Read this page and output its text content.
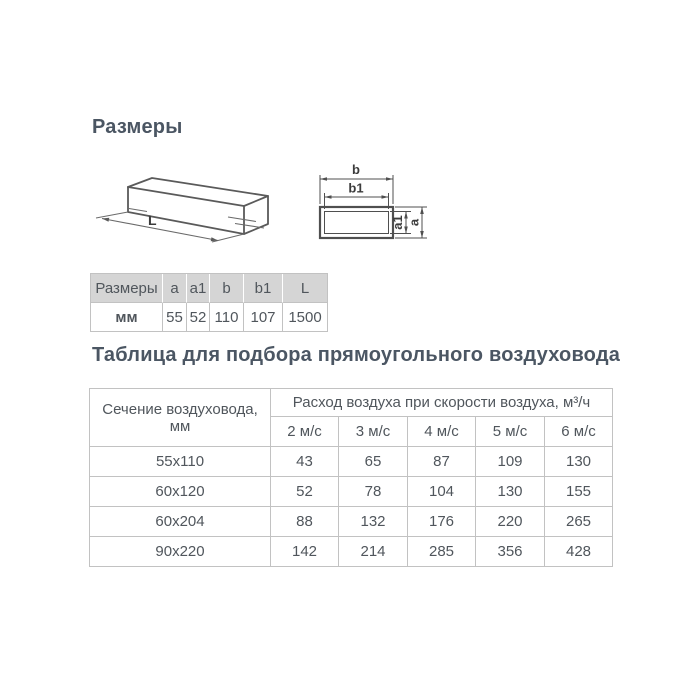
Размеры
L
b
b1
a1 a
Размеры	a	a1	b	b1	L
мм	55	52	110	107	1500
Таблица для подбора прямоугольного воздуховода
Сечение воздуховода, мм	Расход воздуха при скорости воздуха, м³/ч				
	2 м/с	3 м/с	4 м/с	5 м/с	6 м/с
55x110	43	65	87	109	130
60x120	52	78	104	130	155
60x204	88	132	176	220	265
90x220	142	214	285	356	428
